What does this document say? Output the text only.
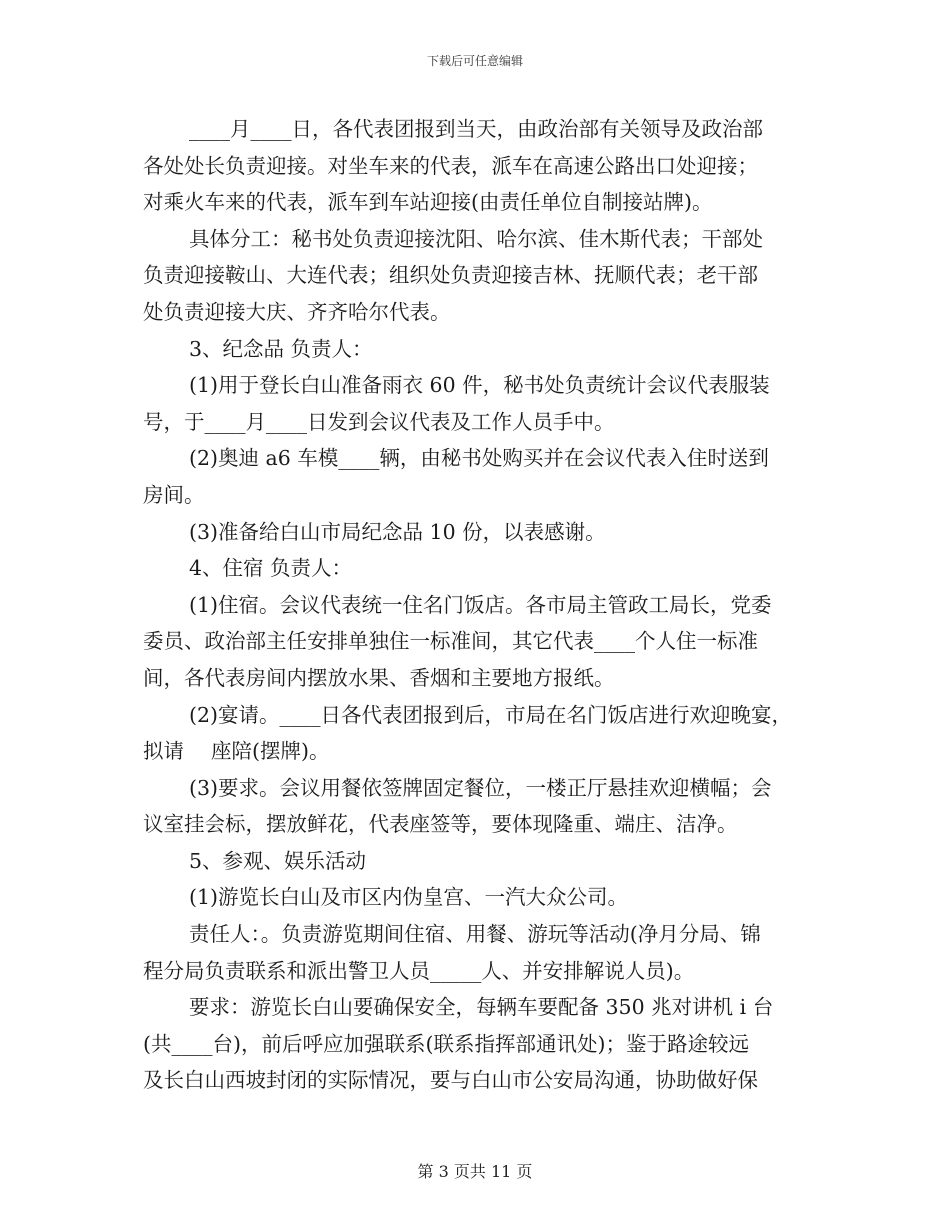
下载后可任意编辑
____月____日，各代表团报到当天，由政治部有关领导及政治部
各处处长负责迎接。对坐车来的代表，派车在高速公路出口处迎接；
对乘火车来的代表，派车到车站迎接(由责任单位自制接站牌)。
具体分工：秘书处负责迎接沈阳、哈尔滨、佳木斯代表；干部处
负责迎接鞍山、大连代表；组织处负责迎接吉林、抚顺代表；老干部
处负责迎接大庆、齐齐哈尔代表。
3、纪念品 负责人：
(1)用于登长白山准备雨衣 60 件，秘书处负责统计会议代表服装
号，于____月____日发到会议代表及工作人员手中。
(2)奥迪 a6 车模____辆，由秘书处购买并在会议代表入住时送到
房间。
(3)准备给白山市局纪念品 10 份，以表感谢。
4、住宿 负责人：
(1)住宿。会议代表统一住名门饭店。各市局主管政工局长，党委
委员、政治部主任安排单独住一标准间，其它代表____个人住一标准
间，各代表房间内摆放水果、香烟和主要地方报纸。
(2)宴请。____日各代表团报到后，市局在名门饭店进行欢迎晚宴，
拟请　 座陪(摆牌)。
(3)要求。会议用餐依签牌固定餐位，一楼正厅悬挂欢迎横幅；会
议室挂会标，摆放鲜花，代表座签等，要体现隆重、端庄、洁净。
5、参观、娱乐活动
(1)游览长白山及市区内伪皇宫、一汽大众公司。
责任人：。负责游览期间住宿、用餐、游玩等活动(净月分局、锦
程分局负责联系和派出警卫人员_____人、并安排解说人员)。
要求：游览长白山要确保安全，每辆车要配备 350 兆对讲机 i 台
(共____台)，前后呼应加强联系(联系指挥部通讯处)；鉴于路途较远
及长白山西坡封闭的实际情况，要与白山市公安局沟通，协助做好保
第 3 页共 11 页
